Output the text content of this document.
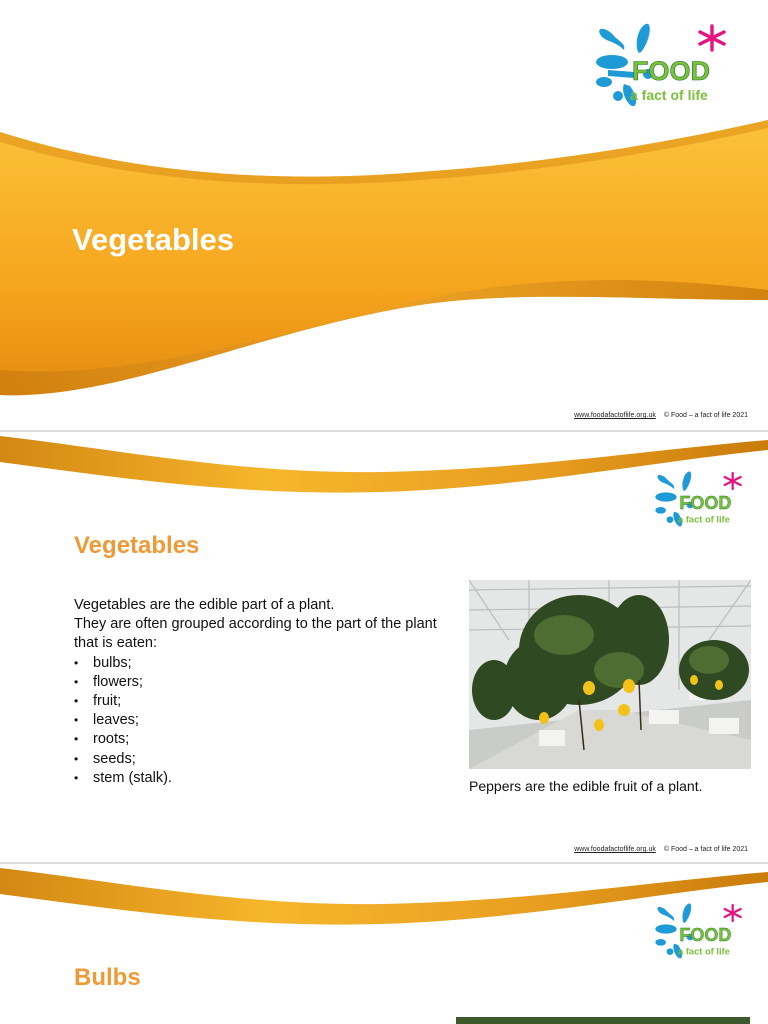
FOOD
a fact of life
Vegetables
www.foodafactoflife.org.uk © Food – a fact of life 2021
FOOD
a fact of life
Vegetables

Vegetables are the edible part of a plant.

They are often grouped according to the part of the plant that is eaten:

• bulbs;
• flowers;
• fruit;
• leaves;
• roots;
• seeds;
• stem (stalk).
Peppers are the edible fruit of a plant.
www.foodafactoflife.org.uk © Food – a fact of life 2021
FOOD
a fact of life
Bulbs
